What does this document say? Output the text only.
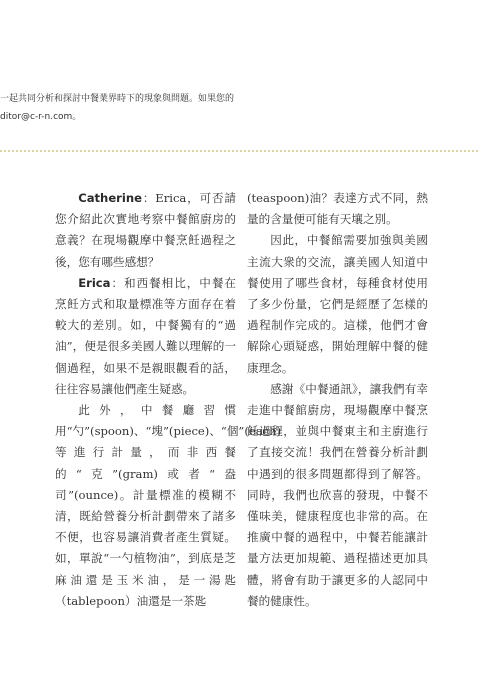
一起共同分析和探討中餐業界時下的現象與問題。如果您的
ditor@c-r-n.com。

Catherine：Erica，可否請您介紹此次實地考察中餐館廚房的意義？在現場觀摩中餐烹飪過程之後，您有哪些感想？

Erica：和西餐相比，中餐在烹飪方式和取量標准等方面存在着較大的差別。如，中餐獨有的“過油”，便是很多美國人難以理解的一個過程，如果不是親眼觀看的話，往往容易讓他們產生疑惑。

此外，中餐廳習慣用“勺”(spoon)、“塊”(piece)、“個”(each)等進行計量，而非西餐的“克”(gram)或者“盎司”(ounce)。計量標准的模糊不清，既給營養分析計劃帶來了諸多不便，也容易讓消費者產生質疑。如，單說“一勺植物油”，到底是芝麻油還是玉米油，是一湯匙（tablepoon）油還是一茶匙

(teaspoon)油？表達方式不同，熱量的含量便可能有天壤之別。

因此，中餐館需要加強與美國主流大衆的交流，讓美國人知道中餐使用了哪些食材，每種食材使用了多少份量，它們是經歷了怎樣的過程制作完成的。這樣，他們才會解除心頭疑惑，開始理解中餐的健康理念。

感謝《中餐通訊》，讓我們有幸走進中餐館廚房，現場觀摩中餐烹飪過程，並與中餐東主和主廚進行了直接交流！我們在營養分析計劃中遇到的很多問題都得到了解答。同時，我們也欣喜的發現，中餐不僅味美，健康程度也非常的高。在推廣中餐的過程中，中餐若能讓計量方法更加規範、過程描述更加具體，將會有助于讓更多的人認同中餐的健康性。
